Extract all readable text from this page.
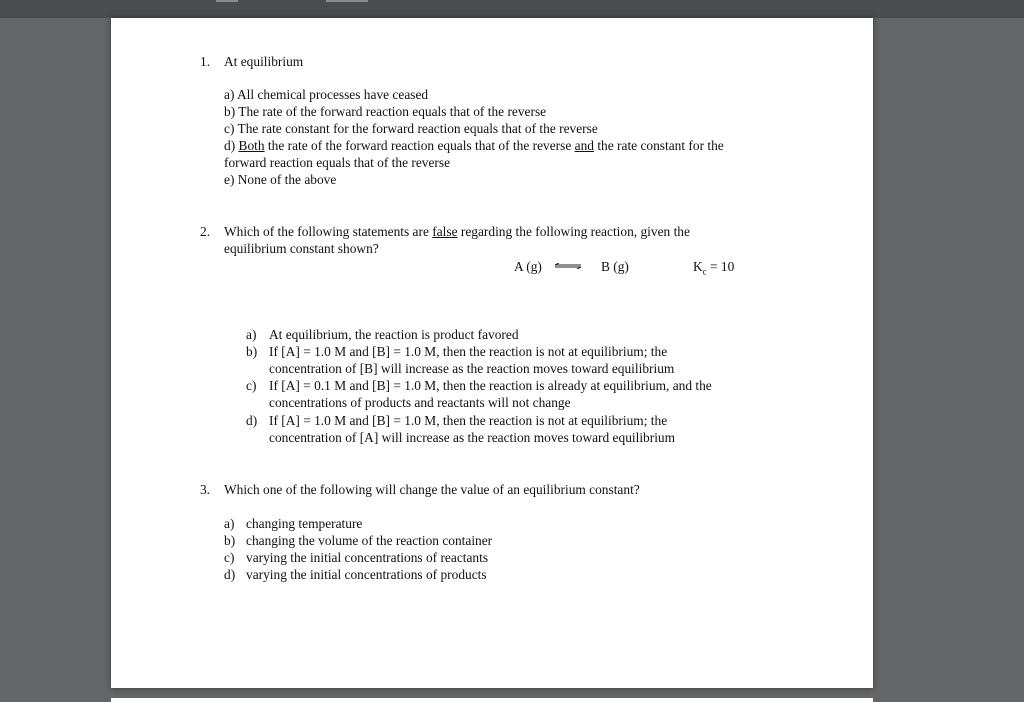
1. At equilibrium
a) All chemical processes have ceased
b) The rate of the forward reaction equals that of the reverse
c) The rate constant for the forward reaction equals that of the reverse
d) Both the rate of the forward reaction equals that of the reverse and the rate constant for the
forward reaction equals that of the reverse
e) None of the above
2. Which of the following statements are false regarding the following reaction, given the
equilibrium constant shown?
A (g) ⇌ B (g)	$K_c = 10$
a) At equilibrium, the reaction is product favored
b) If [A] = 1.0 M and [B] = 1.0 M, then the reaction is not at equilibrium; the
concentration of [B] will increase as the reaction moves toward equilibrium
c) If [A] = 0.1 M and [B] = 1.0 M, then the reaction is already at equilibrium, and the
concentrations of products and reactants will not change
d) If [A] = 1.0 M and [B] = 1.0 M, then the reaction is not at equilibrium; the
concentration of [A] will increase as the reaction moves toward equilibrium
3. Which one of the following will change the value of an equilibrium constant?
a) changing temperature
b) changing the volume of the reaction container
c) varying the initial concentrations of reactants
d) varying the initial concentrations of products
